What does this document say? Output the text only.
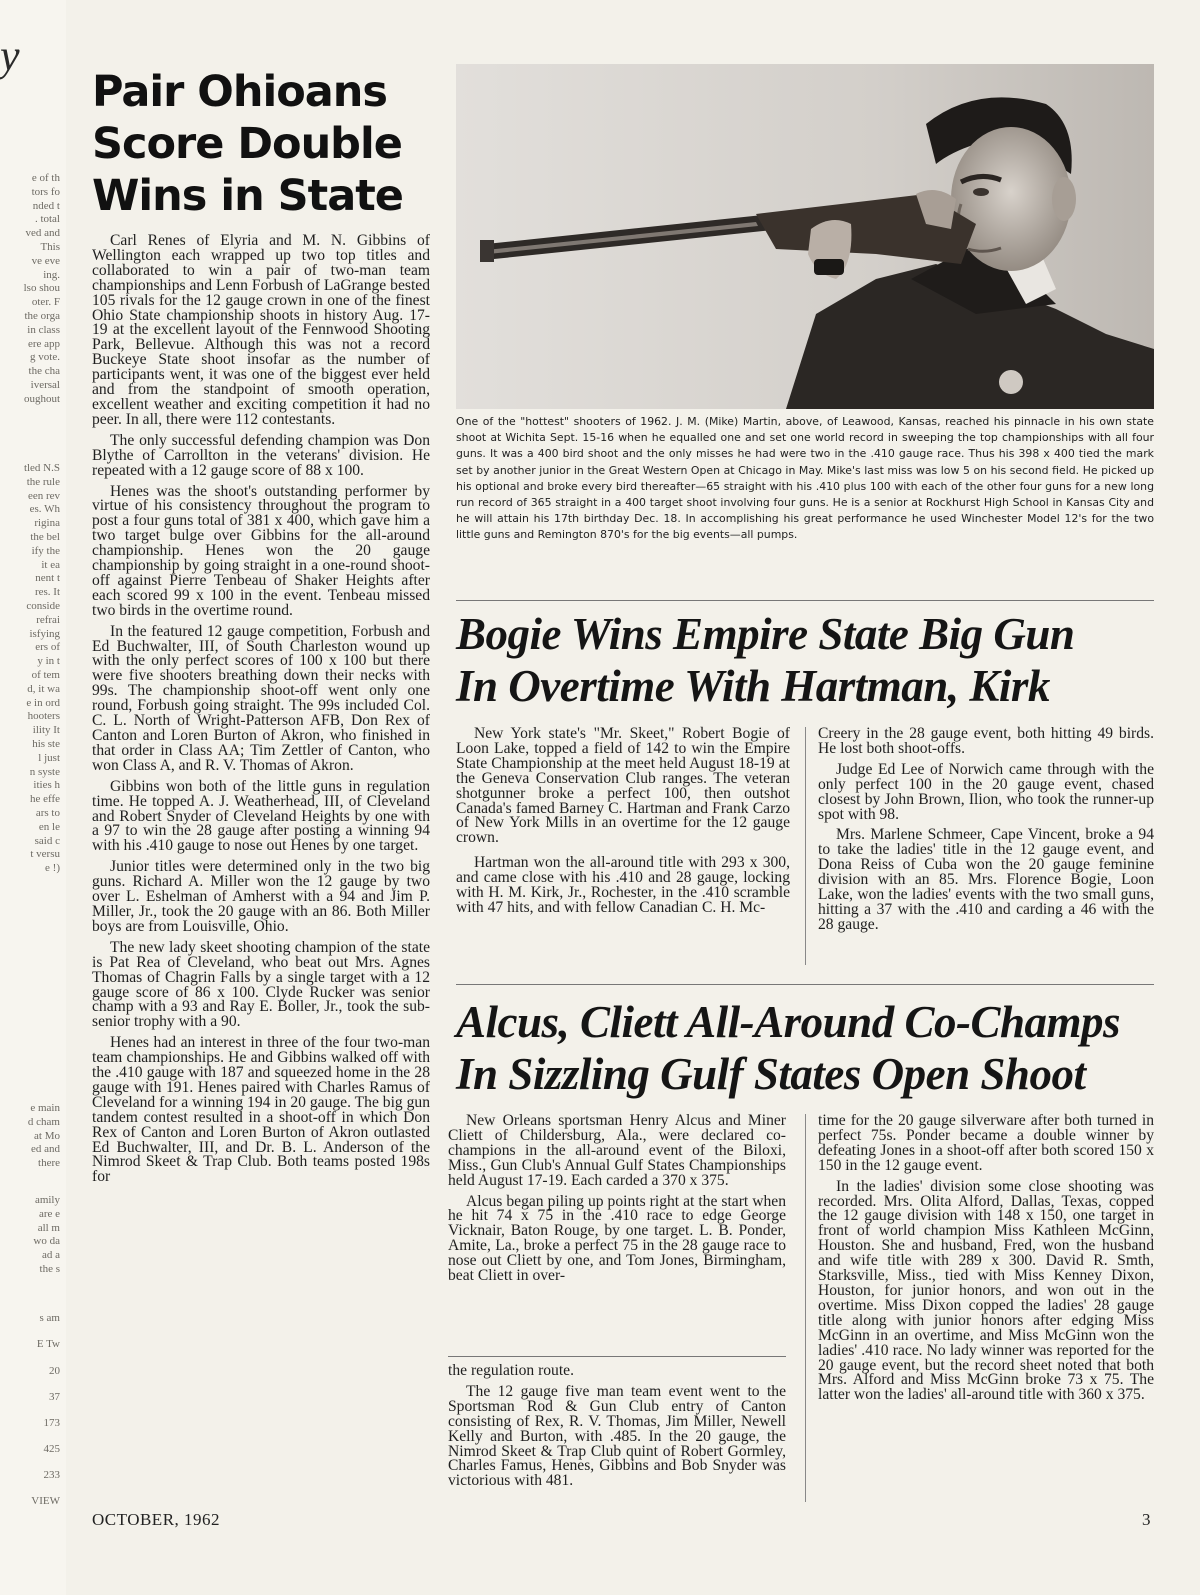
y
e of th
tors fo
nded t
. total
ved and
This
ve eve
ing.
lso shou
oter. F
the orga
in class
ere app
g vote.
the cha
iversal
oughout
tled N.S
the rule
een rev
es. Wh
rigina
the bel
ify the
it ea
nent t
res. It
conside
refrai
isfying
ers of
y in t
of tem
d, it wa
e in ord
hooters
ility It
his ste
l just
n syste
ities h
he effe
ars to
en le
said c
t versu
e !)
e main
d cham
at Mo
ed and
there
amily
are e
all m
wo da
ad a
the s
s am
E Tw
20
37
173
425
233
VIEW
Pair Ohioans Score Double Wins in State

Carl Renes of Elyria and M. N. Gibbins of Wellington each wrapped up two top titles and collaborated to win a pair of two-man team championships and Lenn Forbush of LaGrange bested 105 rivals for the 12 gauge crown in one of the finest Ohio State championship shoots in history Aug. 17-19 at the excellent layout of the Fennwood Shooting Park, Bellevue. Although this was not a record Buckeye State shoot insofar as the number of participants went, it was one of the biggest ever held and from the standpoint of smooth operation, excellent weather and exciting competition it had no peer. In all, there were 112 contestants.

The only successful defending champion was Don Blythe of Carrollton in the veterans' division. He repeated with a 12 gauge score of 88 x 100.

Henes was the shoot's outstanding performer by virtue of his consistency throughout the program to post a four guns total of 381 x 400, which gave him a two target bulge over Gibbins for the all-around championship. Henes won the 20 gauge championship by going straight in a one-round shoot-off against Pierre Tenbeau of Shaker Heights after each scored 99 x 100 in the event. Tenbeau missed two birds in the overtime round.

In the featured 12 gauge competition, Forbush and Ed Buchwalter, III, of South Charleston wound up with the only perfect scores of 100 x 100 but there were five shooters breathing down their necks with 99s. The championship shoot-off went only one round, Forbush going straight. The 99s included Col. C. L. North of Wright-Patterson AFB, Don Rex of Canton and Loren Burton of Akron, who finished in that order in Class AA; Tim Zettler of Canton, who won Class A, and R. V. Thomas of Akron.

Gibbins won both of the little guns in regulation time. He topped A. J. Weatherhead, III, of Cleveland and Robert Snyder of Cleveland Heights by one with a 97 to win the 28 gauge after posting a winning 94 with his .410 gauge to nose out Henes by one target.

Junior titles were determined only in the two big guns. Richard A. Miller won the 12 gauge by two over L. Eshelman of Amherst with a 94 and Jim P. Miller, Jr., took the 20 gauge with an 86. Both Miller boys are from Louisville, Ohio.

The new lady skeet shooting champion of the state is Pat Rea of Cleveland, who beat out Mrs. Agnes Thomas of Chagrin Falls by a single target with a 12 gauge score of 86 x 100. Clyde Rucker was senior champ with a 93 and Ray E. Boller, Jr., took the sub-senior trophy with a 90.

Henes had an interest in three of the four two-man team championships. He and Gibbins walked off with the .410 gauge with 187 and squeezed home in the 28 gauge with 191. Henes paired with Charles Ramus of Cleveland for a winning 194 in 20 gauge. The big gun tandem contest resulted in a shoot-off in which Don Rex of Canton and Loren Burton of Akron outlasted Ed Buchwalter, III, and Dr. B. L. Anderson of the Nimrod Skeet & Trap Club. Both teams posted 198s for

One of the "hottest" shooters of 1962. J. M. (Mike) Martin, above, of Leawood, Kansas, reached his pinnacle in his own state shoot at Wichita Sept. 15-16 when he equalled one and set one world record in sweeping the top championships with all four guns. It was a 400 bird shoot and the only misses he had were two in the .410 gauge race. Thus his 398 x 400 tied the mark set by another junior in the Great Western Open at Chicago in May. Mike's last miss was low 5 on his second field. He picked up his optional and broke every bird thereafter—65 straight with his .410 plus 100 with each of the other four guns for a new long run record of 365 straight in a 400 target shoot involving four guns. He is a senior at Rockhurst High School in Kansas City and he will attain his 17th birthday Dec. 18. In accomplishing his great performance he used Winchester Model 12's for the two little guns and Remington 870's for the big events—all pumps.
Bogie Wins Empire State Big Gun
In Overtime With Hartman, Kirk

New York state's "Mr. Skeet," Robert Bogie of Loon Lake, topped a field of 142 to win the Empire State Championship at the meet held August 18-19 at the Geneva Conservation Club ranges. The veteran shotgunner broke a perfect 100, then outshot Canada's famed Barney C. Hartman and Frank Carzo of New York Mills in an overtime for the 12 gauge crown.

Hartman won the all-around title with 293 x 300, and came close with his .410 and 28 gauge, locking with H. M. Kirk, Jr., Rochester, in the .410 scramble with 47 hits, and with fellow Canadian C. H. Mc-

Creery in the 28 gauge event, both hitting 49 birds. He lost both shoot-offs.

Judge Ed Lee of Norwich came through with the only perfect 100 in the 20 gauge event, chased closest by John Brown, Ilion, who took the runner-up spot with 98.

Mrs. Marlene Schmeer, Cape Vincent, broke a 94 to take the ladies' title in the 12 gauge event, and Dona Reiss of Cuba won the 20 gauge feminine division with an 85. Mrs. Florence Bogie, Loon Lake, won the ladies' events with the two small guns, hitting a 37 with the .410 and carding a 46 with the 28 gauge.

Alcus, Cliett All-Around Co-Champs
In Sizzling Gulf States Open Shoot

New Orleans sportsman Henry Alcus and Miner Cliett of Childersburg, Ala., were declared co-champions in the all-around event of the Biloxi, Miss., Gun Club's Annual Gulf States Championships held August 17-19. Each carded a 370 x 375.

Alcus began piling up points right at the start when he hit 74 x 75 in the .410 race to edge George Vicknair, Baton Rouge, by one target. L. B. Ponder, Amite, La., broke a perfect 75 in the 28 gauge race to nose out Cliett by one, and Tom Jones, Birmingham, beat Cliett in over-

the regulation route.

The 12 gauge five man team event went to the Sportsman Rod & Gun Club entry of Canton consisting of Rex, R. V. Thomas, Jim Miller, Newell Kelly and Burton, with .485. In the 20 gauge, the Nimrod Skeet & Trap Club quint of Robert Gormley, Charles Famus, Henes, Gibbins and Bob Snyder was victorious with 481.

time for the 20 gauge silverware after both turned in perfect 75s. Ponder became a double winner by defeating Jones in a shoot-off after both scored 150 x 150 in the 12 gauge event.

In the ladies' division some close shooting was recorded. Mrs. Olita Alford, Dallas, Texas, copped the 12 gauge division with 148 x 150, one target in front of world champion Miss Kathleen McGinn, Houston. She and husband, Fred, won the husband and wife title with 289 x 300. David R. Smth, Starksville, Miss., tied with Miss Kenney Dixon, Houston, for junior honors, and won out in the overtime. Miss Dixon copped the ladies' 28 gauge title along with junior honors after edging Miss McGinn in an overtime, and Miss McGinn won the ladies' .410 race. No lady winner was reported for the 20 gauge event, but the record sheet noted that both Mrs. Alford and Miss McGinn broke 73 x 75. The latter won the ladies' all-around title with 360 x 375.

OCTOBER, 1962	3
